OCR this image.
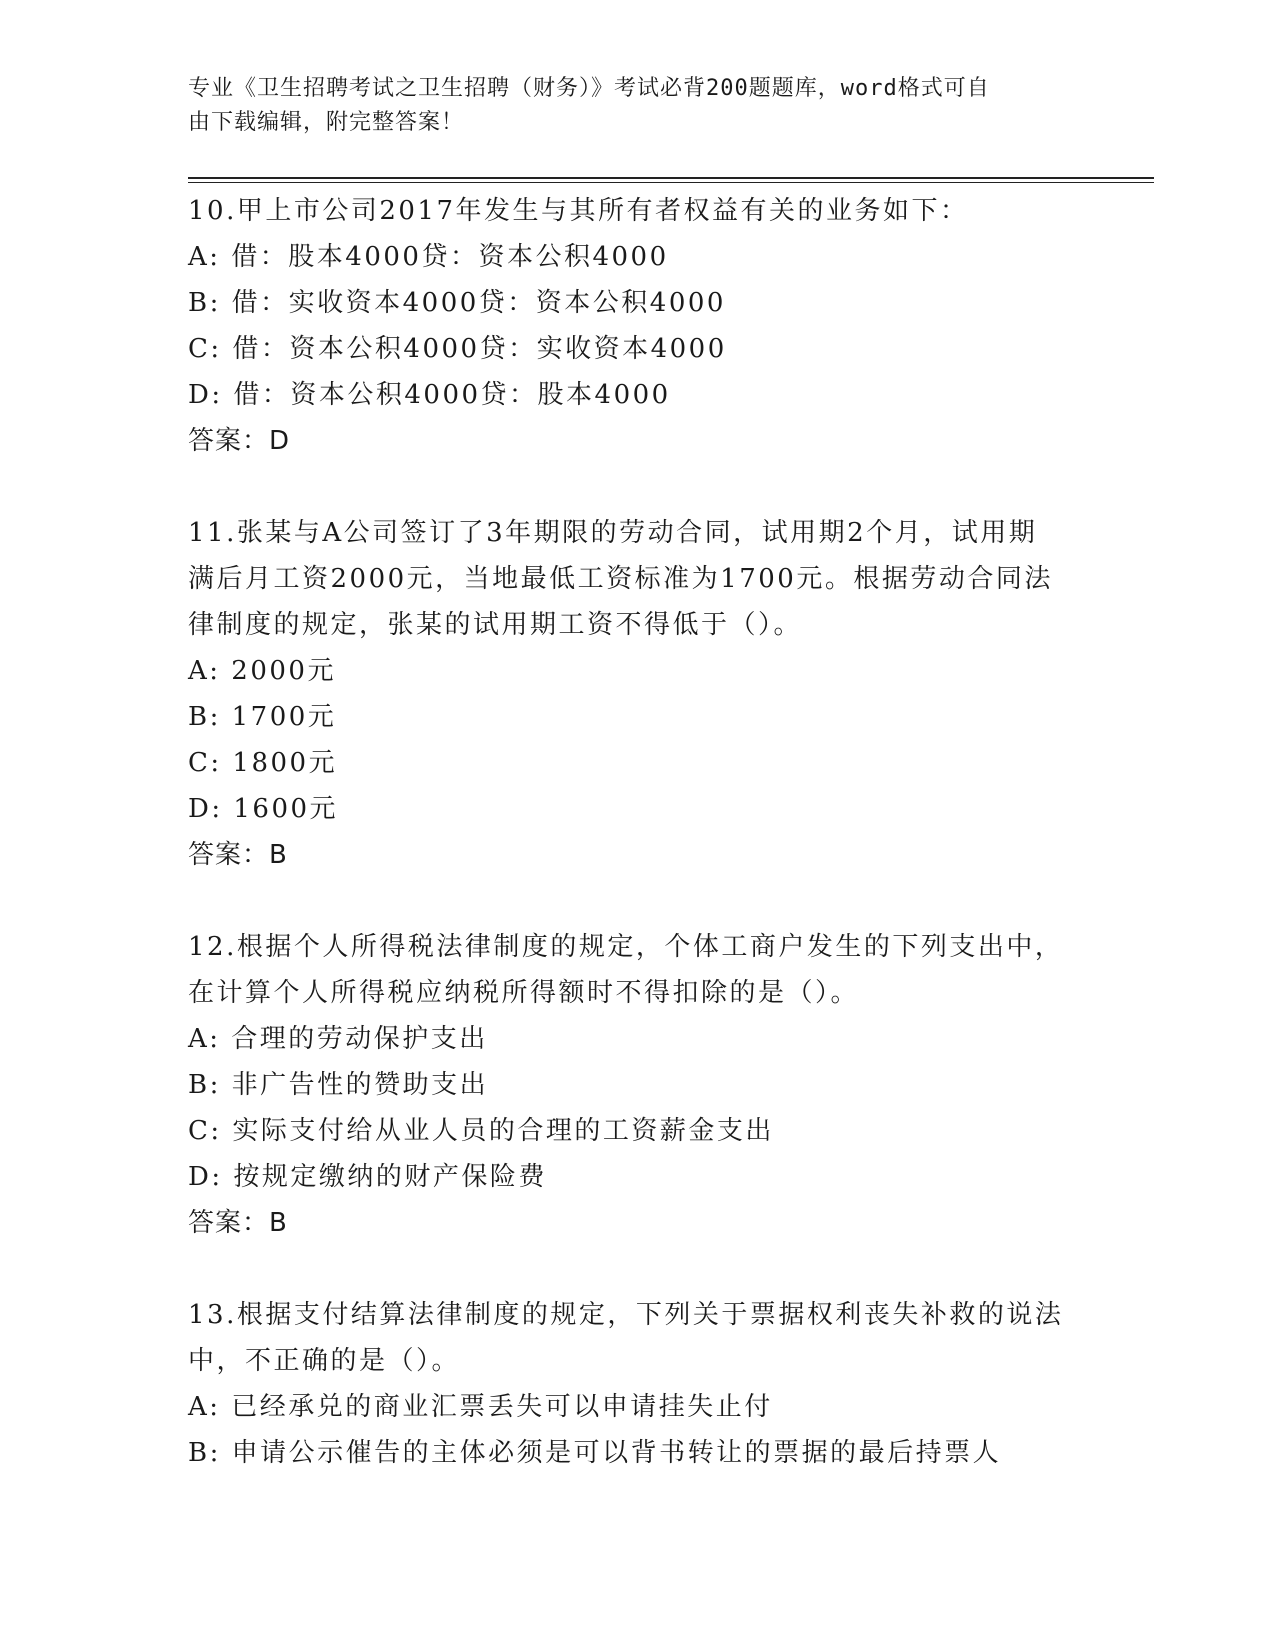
专业《卫生招聘考试之卫生招聘（财务）》考试必背200题题库，word格式可自
由下载编辑，附完整答案！

10.甲上市公司2017年发生与其所有者权益有关的业务如下：

A: 借：股本4000贷：资本公积4000

B: 借：实收资本4000贷：资本公积4000

C: 借：资本公积4000贷：实收资本4000

D: 借：资本公积4000贷：股本4000

答案：D

11.张某与A公司签订了3年期限的劳动合同，试用期2个月，试用期

满后月工资2000元，当地最低工资标准为1700元。根据劳动合同法

律制度的规定，张某的试用期工资不得低于（）。

A: 2000元

B: 1700元

C: 1800元

D: 1600元

答案：B

12.根据个人所得税法律制度的规定，个体工商户发生的下列支出中，

在计算个人所得税应纳税所得额时不得扣除的是（）。

A: 合理的劳动保护支出

B: 非广告性的赞助支出

C: 实际支付给从业人员的合理的工资薪金支出

D: 按规定缴纳的财产保险费

答案：B

13.根据支付结算法律制度的规定，下列关于票据权利丧失补救的说法

中，不正确的是（）。

A: 已经承兑的商业汇票丢失可以申请挂失止付

B: 申请公示催告的主体必须是可以背书转让的票据的最后持票人
